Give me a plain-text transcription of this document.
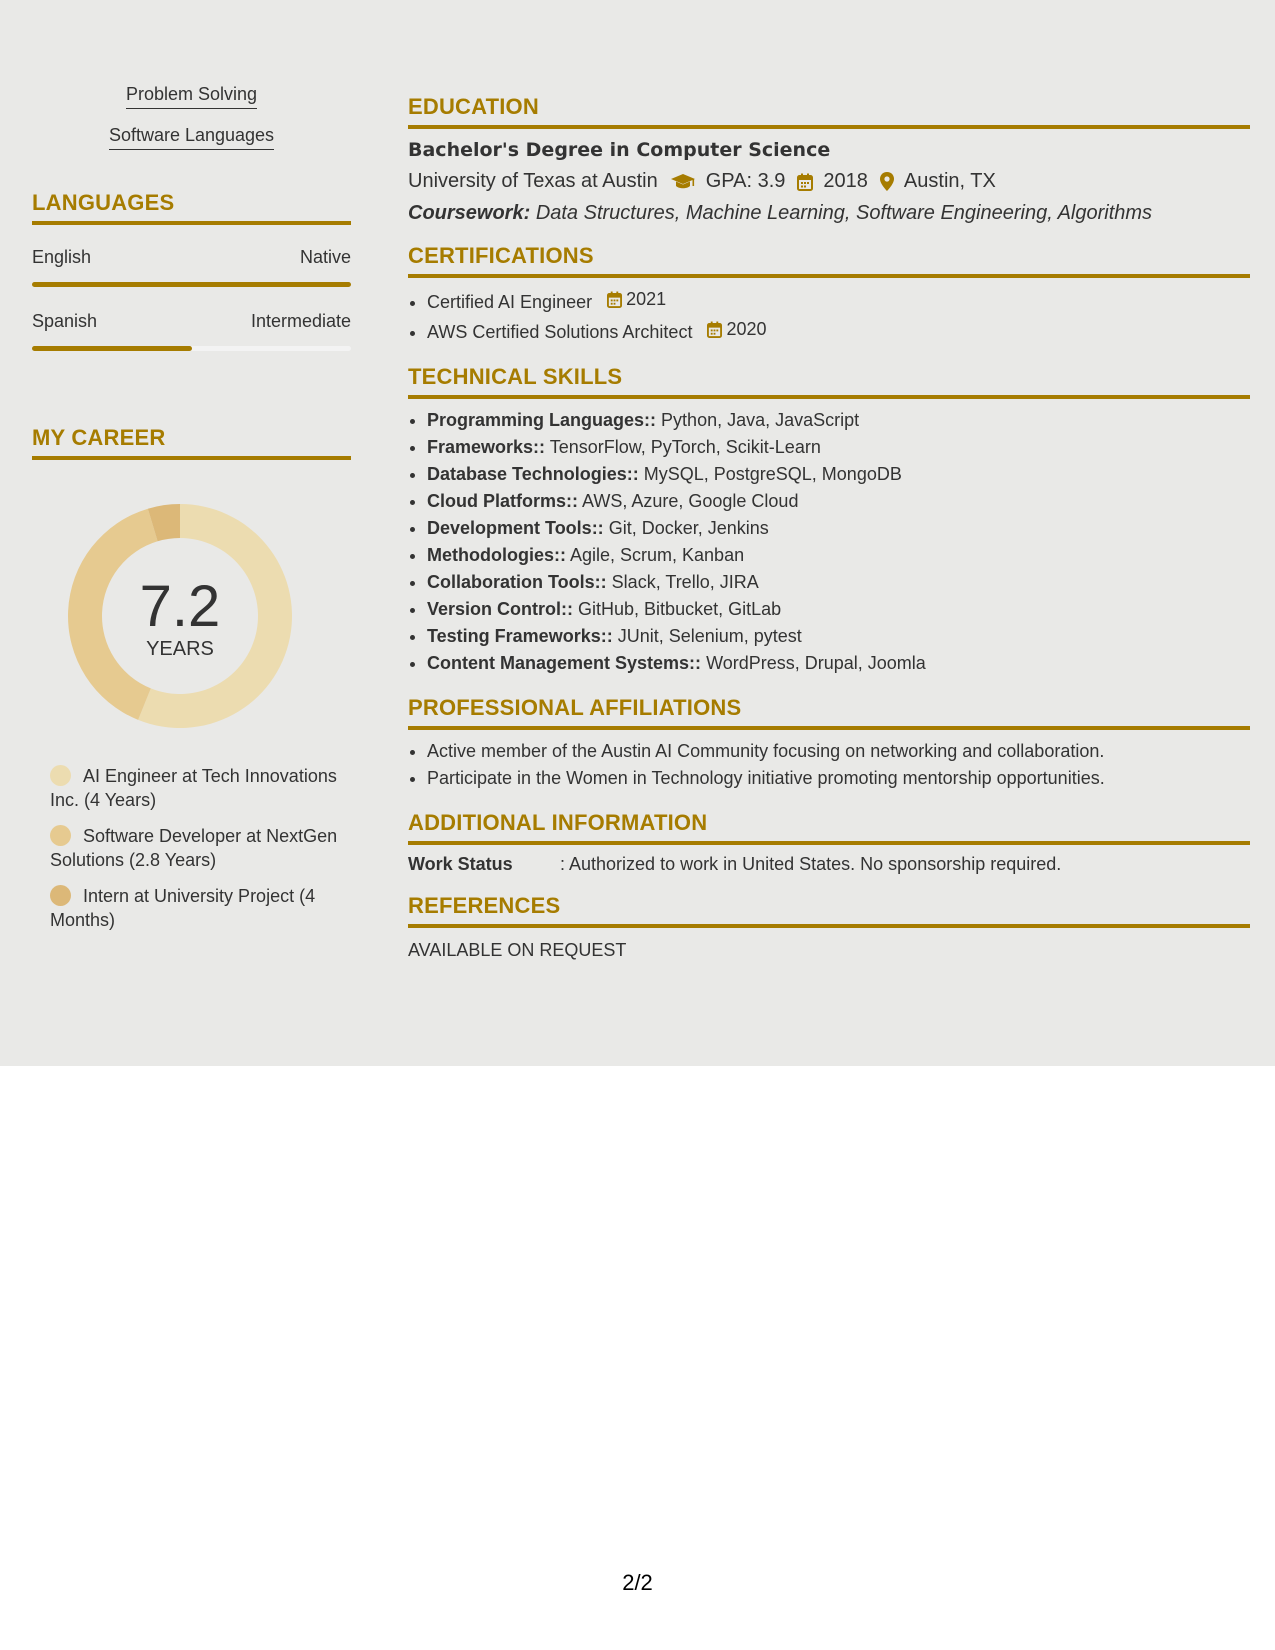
Problem Solving
Software Languages
LANGUAGES
English	Native
Spanish	Intermediate
MY CAREER
7.2
YEARS
AI Engineer at Tech Innovations Inc. (4 Years)
Software Developer at NextGen Solutions (2.8 Years)
Intern at University Project (4 Months)
EDUCATION
Bachelor's Degree in Computer Science
University of Texas at Austin GPA: 3.9 2018 Austin, TX
Coursework: Data Structures, Machine Learning, Software Engineering, Algorithms
CERTIFICATIONS
• Certified AI Engineer 2021
• AWS Certified Solutions Architect 2020
TECHNICAL SKILLS
• Programming Languages:: Python, Java, JavaScript
• Frameworks:: TensorFlow, PyTorch, Scikit-Learn
• Database Technologies:: MySQL, PostgreSQL, MongoDB
• Cloud Platforms:: AWS, Azure, Google Cloud
• Development Tools:: Git, Docker, Jenkins
• Methodologies:: Agile, Scrum, Kanban
• Collaboration Tools:: Slack, Trello, JIRA
• Version Control:: GitHub, Bitbucket, GitLab
• Testing Frameworks:: JUnit, Selenium, pytest
• Content Management Systems:: WordPress, Drupal, Joomla
PROFESSIONAL AFFILIATIONS
• Active member of the Austin AI Community focusing on networking and collaboration.
• Participate in the Women in Technology initiative promoting mentorship opportunities.
ADDITIONAL INFORMATION
Work Status	: Authorized to work in United States. No sponsorship required.
REFERENCES
AVAILABLE ON REQUEST
2/2
